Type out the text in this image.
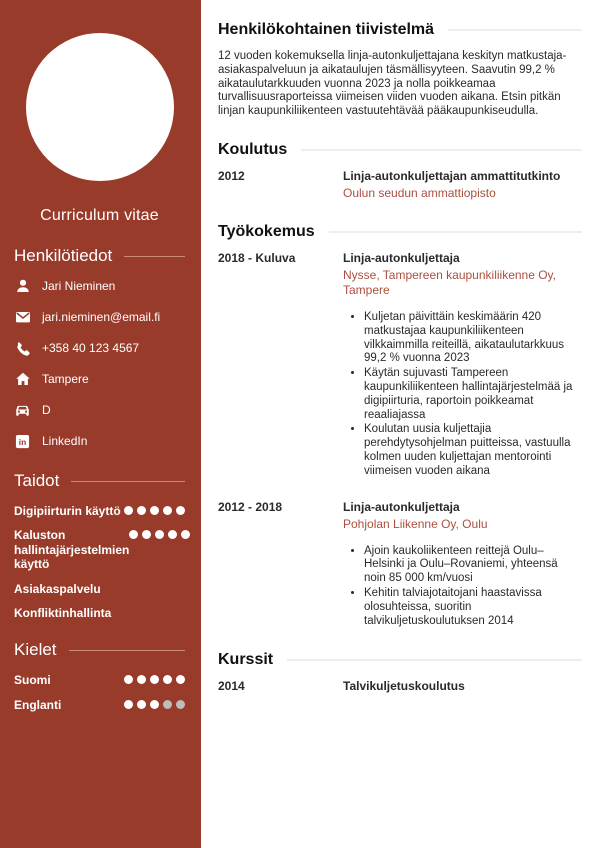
Curriculum vitae
Henkilötiedot
Jari Nieminen
jari.nieminen@email.fi
+358 40 123 4567
Tampere
D
in LinkedIn
Taidot
Digipiirturin käyttö
Kaluston hallintajärjestelmien käyttö
Asiakaspalvelu
Konfliktinhallinta
Kielet
Suomi
Englanti
Henkilökohtainen tiivistelmä

12 vuoden kokemuksella linja-autonkuljettajana keskityn matkustaja-asiakaspalveluun ja aikataulujen täsmällisyyteen. Saavutin 99,2 % aikataulutarkkuuden vuonna 2023 ja nolla poikkeamaa turvallisuusraporteissa viimeisen viiden vuoden aikana. Etsin pitkän linjan kaupunkiliikenteen vastuutehtävää pääkaupunkiseudulla.

Koulutus
2012	Linja-autonkuljettajan ammattitutkinto
Oulun seudun ammattiopisto
Työkokemus
2018 - Kuluva	Linja-autonkuljettaja
Nysse, Tampereen kaupunkiliikenne Oy, Tampere
• Kuljetan päivittäin keskimäärin 420 matkustajaa kaupunkiliikenteen vilkkaimmilla reiteillä, aikataulutarkkuus 99,2 % vuonna 2023
• Käytän sujuvasti Tampereen kaupunkiliikenteen hallintajärjestelmää ja digipiirturia, raportoin poikkeamat reaaliajassa
• Koulutan uusia kuljettajia perehdytysohjelman puitteissa, vastuulla kolmen uuden kuljettajan mentorointi viimeisen vuoden aikana
2012 - 2018	Linja-autonkuljettaja
Pohjolan Liikenne Oy, Oulu
• Ajoin kaukoliikenteen reittejä Oulu–Helsinki ja Oulu–Rovaniemi, yhteensä noin 85 000 km/vuosi
• Kehitin talviajotaitojani haastavissa olosuhteissa, suoritin talvikuljetuskoulutuksen 2014
Kurssit
2014	Talvikuljetuskoulutus
